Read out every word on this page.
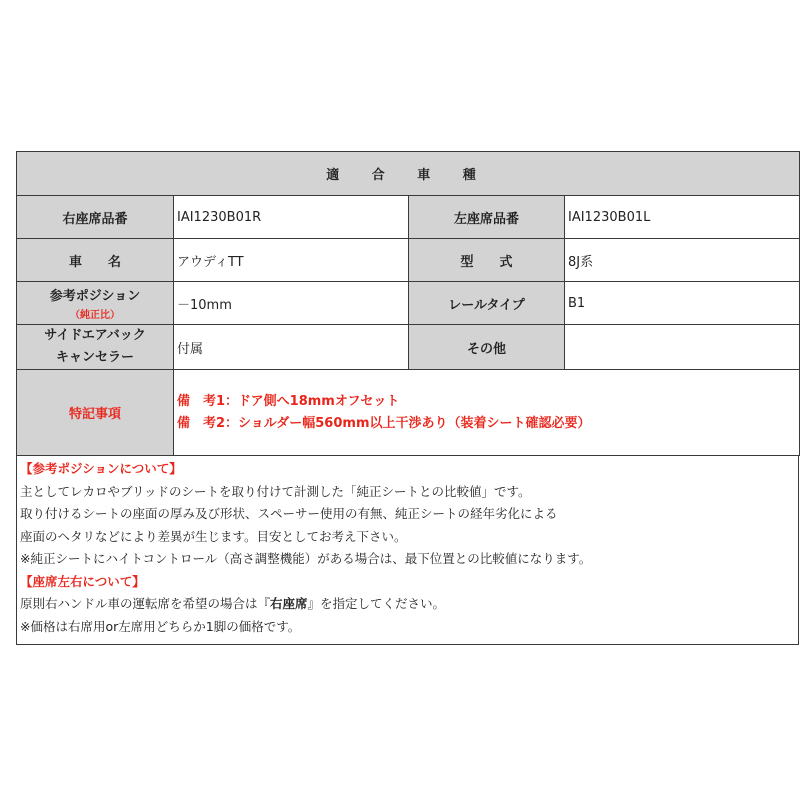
適 合 車 種			
右座席品番	IAI1230B01R	左座席品番	IAI1230B01L
車　　名	アウディTT	型　　式	8J系
参考ポジション
（純正比）	－10mm	レールタイプ	B1

サイドエアバック
キャンセラー	付属	その他	
特記事項	備　考1：ドア側へ18mmオフセット
備　考2：ショルダー幅560mm以上干渉あり（装着シート確認必要）		
【参考ポジションについて】
主としてレカロやブリッドのシートを取り付けて計測した「純正シートとの比較値」です。
取り付けるシートの座面の厚み及び形状、スペーサー使用の有無、純正シートの経年劣化による
座面のヘタリなどにより差異が生じます。目安としてお考え下さい。
※純正シートにハイトコントロール（高さ調整機能）がある場合は、最下位置との比較値になります。
【座席左右について】
原則右ハンドル車の運転席を希望の場合は『右座席』を指定してください。
※価格は右席用or左席用どちらか1脚の価格です。
